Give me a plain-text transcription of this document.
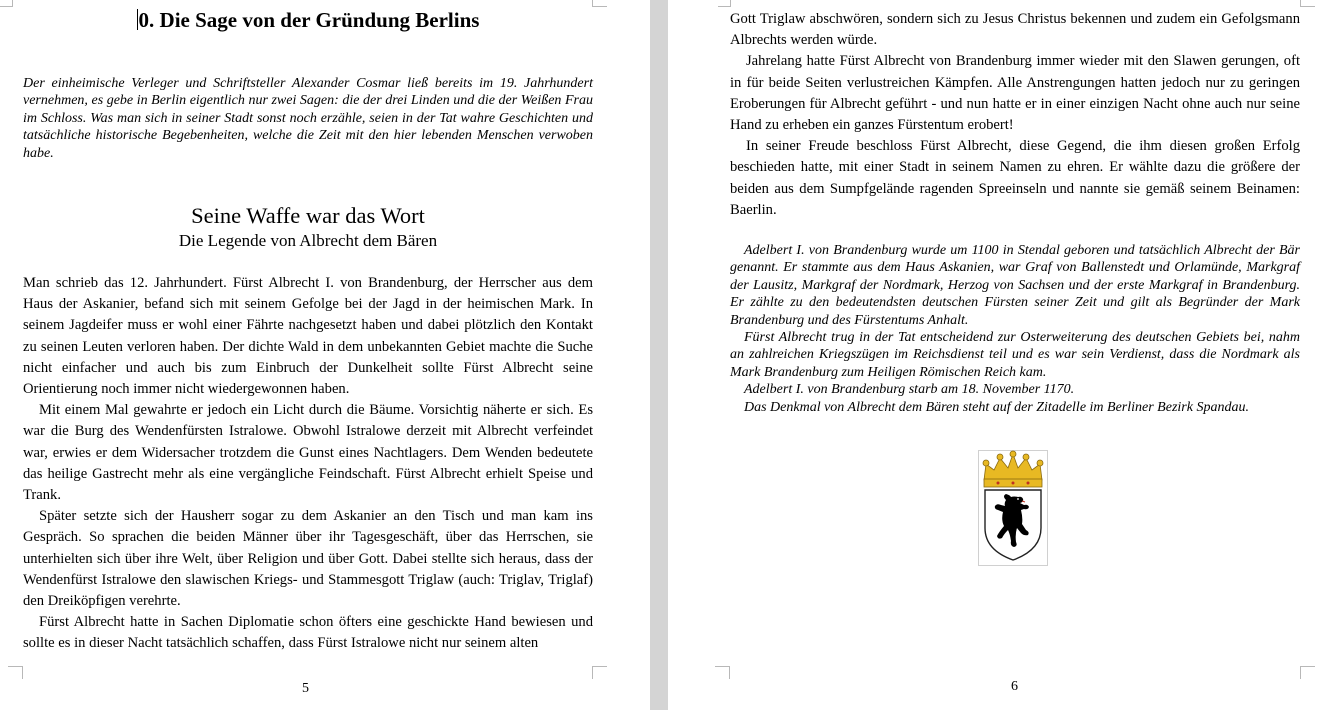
0. Die Sage von der Gründung Berlins
Der einheimische Verleger und Schriftsteller Alexander Cosmar ließ bereits im 19. Jahrhundert vernehmen, es gebe in Berlin eigentlich nur zwei Sagen: die der drei Linden und die der Weißen Frau im Schloss. Was man sich in seiner Stadt sonst noch erzähle, seien in der Tat wahre Geschichten und tatsächliche historische Begebenheiten, welche die Zeit mit den hier lebenden Menschen verwoben habe.
Seine Waffe war das Wort
Die Legende von Albrecht dem Bären

Man schrieb das 12. Jahrhundert. Fürst Albrecht I. von Brandenburg, der Herrscher aus dem Haus der Askanier, befand sich mit seinem Gefolge bei der Jagd in der heimischen Mark. In seinem Jagdeifer muss er wohl einer Fährte nachgesetzt haben und dabei plötzlich den Kontakt zu seinen Leuten verloren haben. Der dichte Wald in dem unbekannten Gebiet machte die Suche nicht einfacher und auch bis zum Einbruch der Dunkelheit sollte Fürst Albrecht seine Orientierung noch immer nicht wiedergewonnen haben.

Mit einem Mal gewahrte er jedoch ein Licht durch die Bäume. Vorsichtig näherte er sich. Es war die Burg des Wendenfürsten Istralowe. Obwohl Istralowe derzeit mit Albrecht verfeindet war, erwies er dem Widersacher trotzdem die Gunst eines Nachtlagers. Dem Wenden bedeutete das heilige Gastrecht mehr als eine vergängliche Feindschaft. Fürst Albrecht erhielt Speise und Trank.

Später setzte sich der Hausherr sogar zu dem Askanier an den Tisch und man kam ins Gespräch. So sprachen die beiden Männer über ihr Tagesgeschäft, über das Herrschen, sie unterhielten sich über ihre Welt, über Religion und über Gott. Dabei stellte sich heraus, dass der Wendenfürst Istralowe den slawischen Kriegs- und Stammesgott Triglaw (auch: Triglav, Triglaf) den Dreiköpfigen verehrte.

Fürst Albrecht hatte in Sachen Diplomatie schon öfters eine geschickte Hand bewiesen und sollte es in dieser Nacht tatsächlich schaffen, dass Fürst Istralowe nicht nur seinem alten

5

Gott Triglaw abschwören, sondern sich zu Jesus Christus bekennen und zudem ein Gefolgsmann Albrechts werden würde.

Jahrelang hatte Fürst Albrecht von Brandenburg immer wieder mit den Slawen gerungen, oft in für beide Seiten verlustreichen Kämpfen. Alle Anstrengungen hatten jedoch nur zu geringen Eroberungen für Albrecht geführt - und nun hatte er in einer einzigen Nacht ohne auch nur seine Hand zu erheben ein ganzes Fürstentum erobert!

In seiner Freude beschloss Fürst Albrecht, diese Gegend, die ihm diesen großen Erfolg beschieden hatte, mit einer Stadt in seinem Namen zu ehren. Er wählte dazu die größere der beiden aus dem Sumpfgelände ragenden Spreeinseln und nannte sie gemäß seinem Beinamen: Baerlin.

Adelbert I. von Brandenburg wurde um 1100 in Stendal geboren und tatsächlich Albrecht der Bär genannt. Er stammte aus dem Haus Askanien, war Graf von Ballenstedt und Orlamünde, Markgraf der Lausitz, Markgraf der Nordmark, Herzog von Sachsen und der erste Markgraf in Brandenburg. Er zählte zu den bedeutendsten deutschen Fürsten seiner Zeit und gilt als Begründer der Mark Brandenburg und des Fürstentums Anhalt.

Fürst Albrecht trug in der Tat entscheidend zur Osterweiterung des deutschen Gebiets bei, nahm an zahlreichen Kriegszügen im Reichsdienst teil und es war sein Verdienst, dass die Nordmark als Mark Brandenburg zum Heiligen Römischen Reich kam.

Adelbert I. von Brandenburg starb am 18. November 1170.

Das Denkmal von Albrecht dem Bären steht auf der Zitadelle im Berliner Bezirk Spandau.

6
